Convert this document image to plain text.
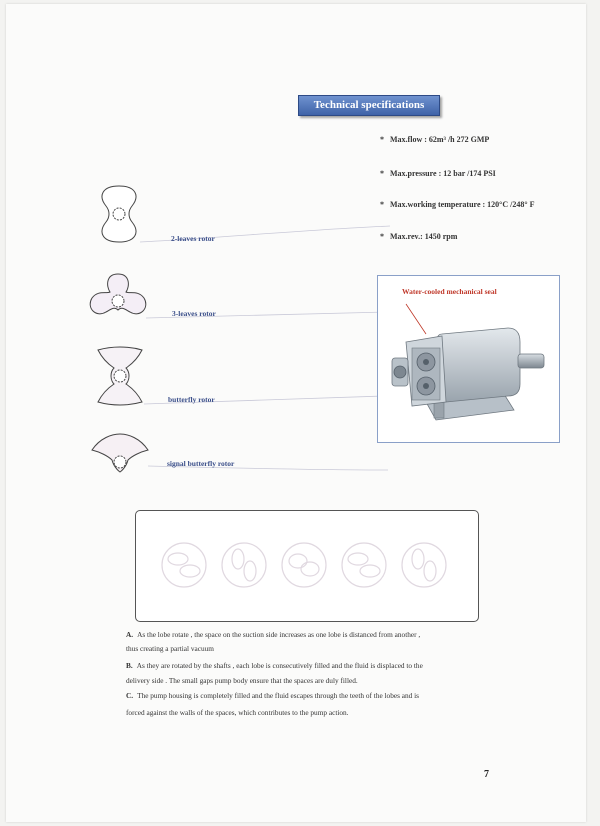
Technical specifications
* Max.flow : 62m³ /h 272 GMP
* Max.pressure : 12 bar /174 PSI
* Max.working temperature : 120°C /248° F
* Max.rev.: 1450 rpm
2-leaves rotor
3-leaves rotor
butterfly rotor
signal butterfly rotor
Water-cooled mechanical seal
A. As the lobe rotate , the space on the suction side increases as one lobe is distanced from another ,
thus creating a partial vacuum
B. As they are rotated by the shafts , each lobe is consecutively filled and the fluid is displaced to the
delivery side . The small gaps pump body ensure that the spaces are duly filled.
C. The pump housing is completely filled and the fluid escapes through the teeth of the lobes and is
forced against the walls of the spaces, which contributes to the pump action.
7
